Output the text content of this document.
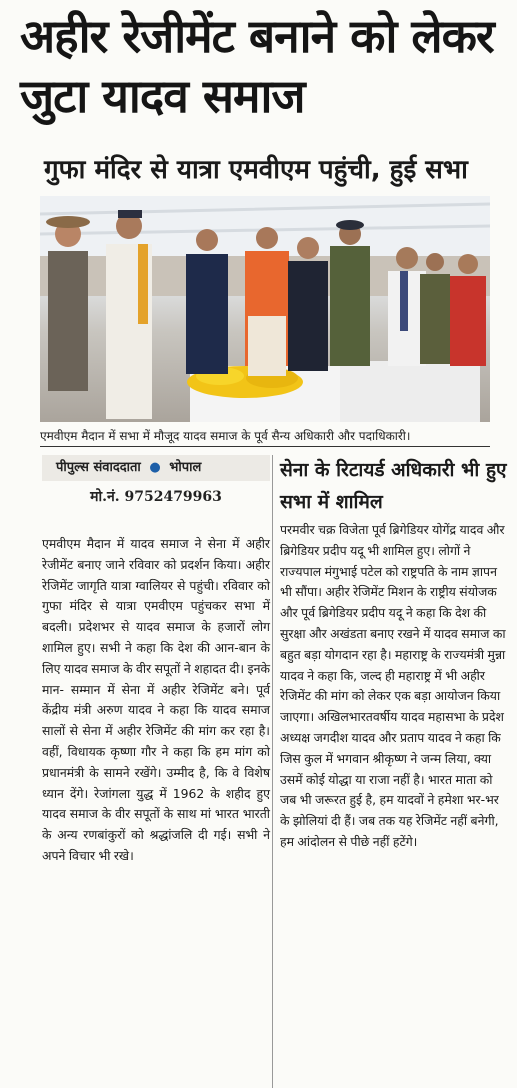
अहीर रेजीमेंट बनाने को लेकर जुटा यादव समाज
गुफा मंदिर से यात्रा एमवीएम पहुंची, हुई सभा
एमवीएम मैदान में सभा में मौजूद यादव समाज के पूर्व सैन्य अधिकारी और पदाधिकारी।
पीपुल्स संवाददाता ● भोपाल
मो.नं. 9752479963

एमवीएम मैदान में यादव समाज ने सेना में अहीर रेजीमेंट बनाए जाने रविवार को प्रदर्शन किया। अहीर रेजिमेंट जागृति यात्रा ग्वालियर से पहुंची। रविवार को गुफा मंदिर से यात्रा एमवीएम पहुंचकर सभा में बदली। प्रदेशभर से यादव समाज के हजारों लोग शामिल हुए। सभी ने कहा कि देश की आन-बान के लिए यादव समाज के वीर सपूतों ने शहादत दी। इनके मान- सम्मान में सेना में अहीर रेजिमेंट बने। पूर्व केंद्रीय मंत्री अरुण यादव ने कहा कि यादव समाज सालों से सेना में अहीर रेजिमेंट की मांग कर रहा है। वहीं, विधायक कृष्णा गौर ने कहा कि हम मांग को प्रधानमंत्री के सामने रखेंगे। उम्मीद है, कि वे विशेष ध्यान देंगे। रेजांगला युद्ध में 1962 के शहीद हुए यादव समाज के वीर सपूतों के साथ मां भारत भारती के अन्य रणबांकुरों को श्रद्धांजलि दी गई। सभी ने अपने विचार भी रखे।

सेना के रिटायर्ड अधिकारी भी हुए सभा में शामिल

परमवीर चक्र विजेता पूर्व ब्रिगेडियर योगेंद्र यादव और ब्रिगेडियर प्रदीप यदू भी शामिल हुए। लोगों ने राज्यपाल मंगुभाई पटेल को राष्ट्रपति के नाम ज्ञापन भी सौंपा। अहीर रेजिमेंट मिशन के राष्ट्रीय संयोजक और पूर्व ब्रिगेडियर प्रदीप यदू ने कहा कि देश की सुरक्षा और अखंडता बनाए रखने में यादव समाज का बहुत बड़ा योगदान रहा है। महाराष्ट्र के राज्यमंत्री मुन्ना यादव ने कहा कि, जल्द ही महाराष्ट्र में भी अहीर रेजिमेंट की मांग को लेकर एक बड़ा आयोजन किया जाएगा। अखिलभारतवर्षीय यादव महासभा के प्रदेश अध्यक्ष जगदीश यादव और प्रताप यादव ने कहा कि जिस कुल में भगवान श्रीकृष्ण ने जन्म लिया, क्या उसमें कोई योद्धा या राजा नहीं है। भारत माता को जब भी जरूरत हुई है, हम यादवों ने हमेशा भर-भर के झोलियां दी हैं। जब तक यह रेजिमेंट नहीं बनेगी, हम आंदोलन से पीछे नहीं हटेंगे।
